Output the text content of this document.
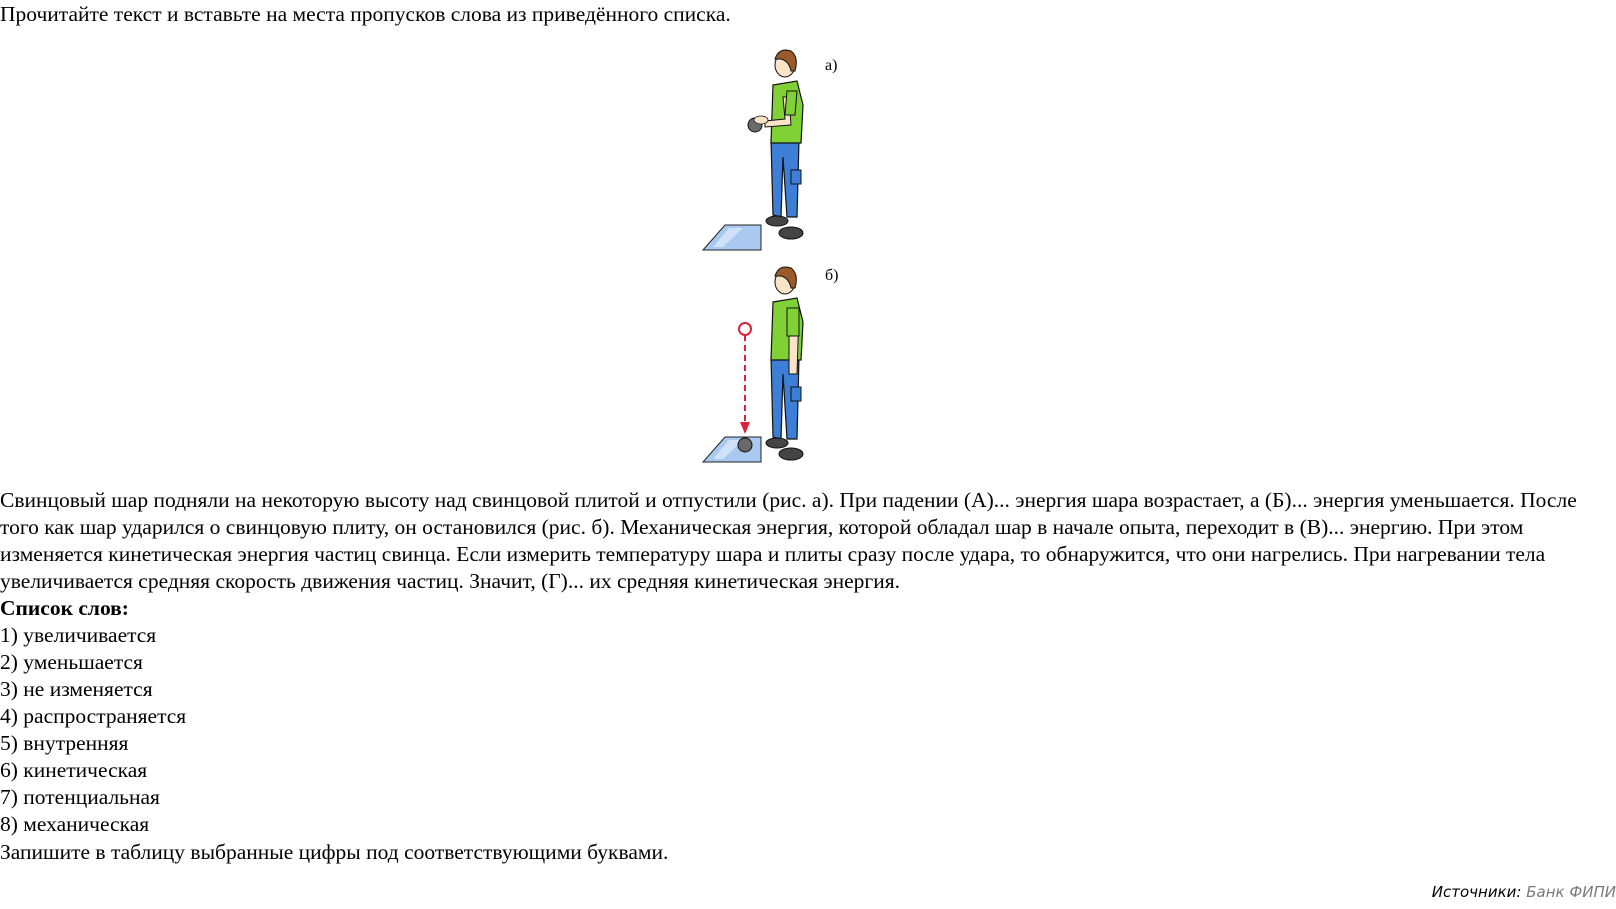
Прочитайте текст и вставьте на места пропусков слова из приведённого списка.

а)
б)

Свинцовый шар подняли на некоторую высоту над свинцовой плитой и отпустили (рис. а). При падении (А)... энергия шара возрастает, а (Б)... энергия уменьшается. После того как шар ударился о свинцовую плиту, он остановился (рис. б). Механическая энергия, которой обладал шар в начале опыта, переходит в (В)... энергию. При этом изменяется кинетическая энергия частиц свинца. Если измерить температуру шара и плиты сразу после удара, то обнаружится, что они нагрелись. При нагревании тела увеличивается средняя скорость движения частиц. Значит, (Г)... их средняя кинетическая энергия.

Список слов:
1) увеличивается
2) уменьшается
3) не изменяется
4) распространяется
5) внутренняя
6) кинетическая
7) потенциальная
8) механическая

Запишите в таблицу выбранные цифры под соответствующими буквами.

Источники: Банк ФИПИ
